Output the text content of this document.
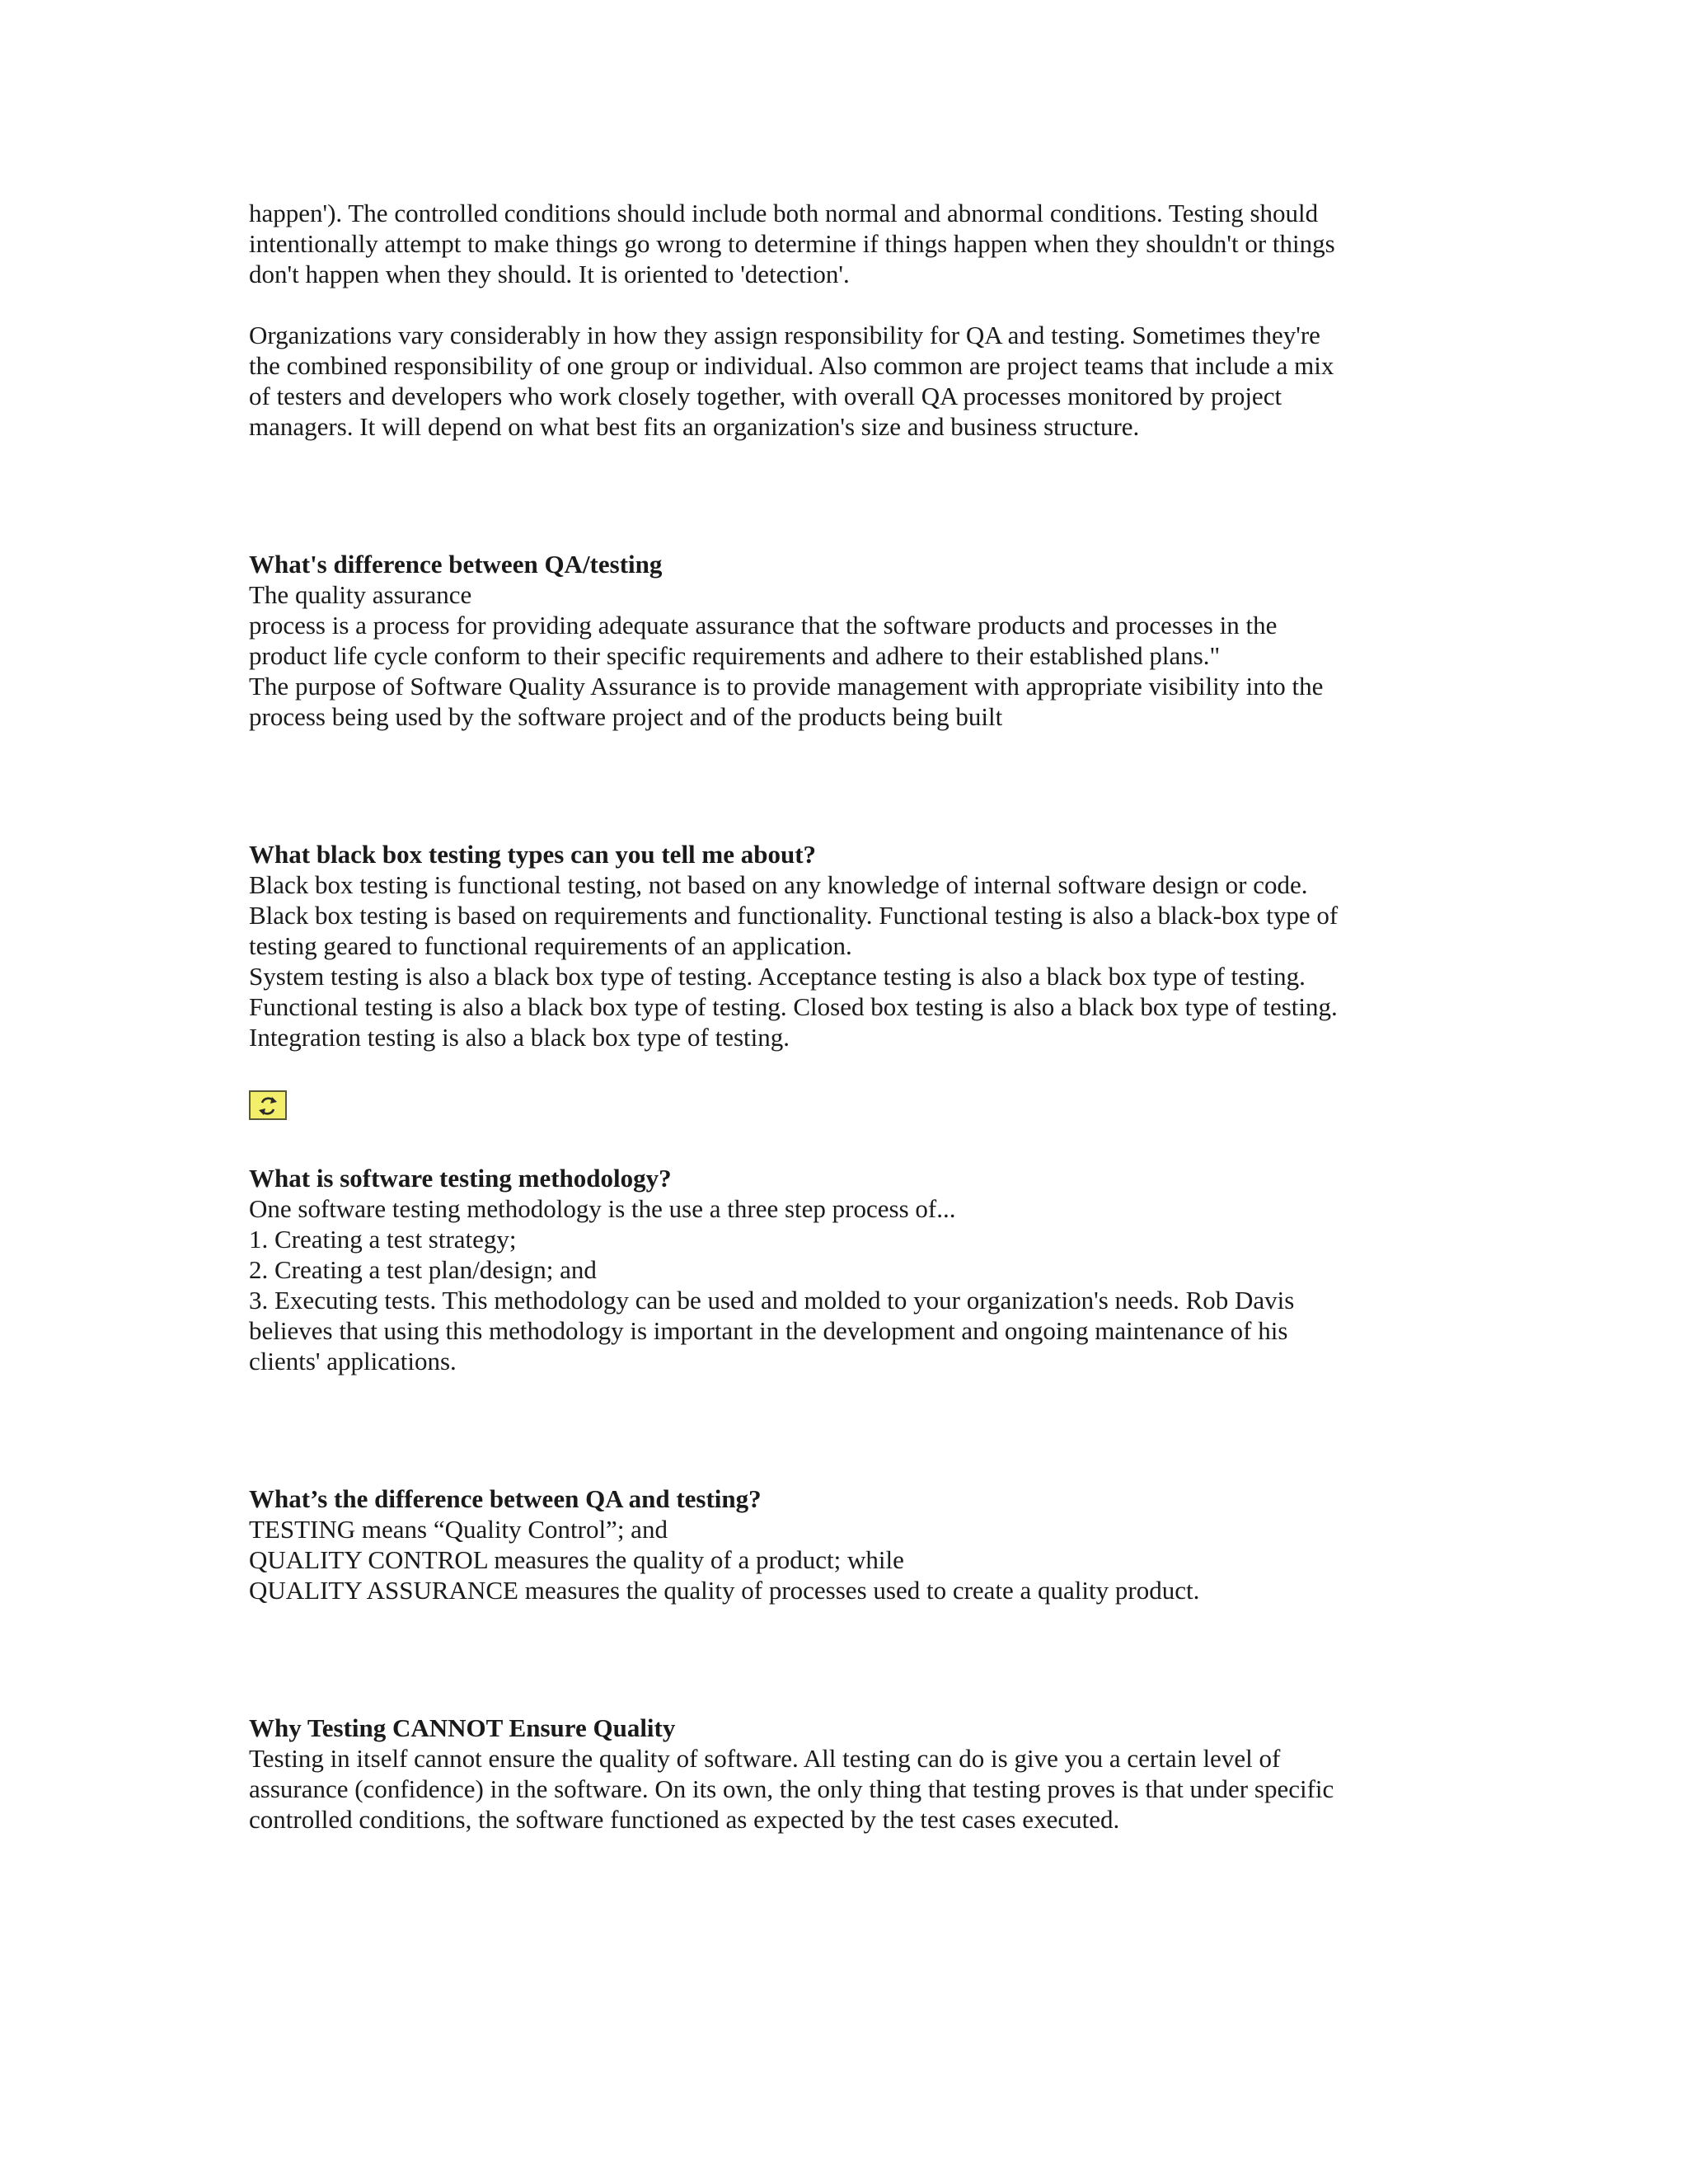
happen'). The controlled conditions should include both normal and abnormal conditions. Testing should
intentionally attempt to make things go wrong to determine if things happen when they shouldn't or things
don't happen when they should. It is oriented to 'detection'.
Organizations vary considerably in how they assign responsibility for QA and testing. Sometimes they're
the combined responsibility of one group or individual. Also common are project teams that include a mix
of testers and developers who work closely together, with overall QA processes monitored by project
managers. It will depend on what best fits an organization's size and business structure.
What's difference between QA/testing
The quality assurance
process is a process for providing adequate assurance that the software products and processes in the
product life cycle conform to their specific requirements and adhere to their established plans."
The purpose of Software Quality Assurance is to provide management with appropriate visibility into the
process being used by the software project and of the products being built
What black box testing types can you tell me about?
Black box testing is functional testing, not based on any knowledge of internal software design or code.
Black box testing is based on requirements and functionality. Functional testing is also a black-box type of
testing geared to functional requirements of an application.
System testing is also a black box type of testing. Acceptance testing is also a black box type of testing.
Functional testing is also a black box type of testing. Closed box testing is also a black box type of testing.
Integration testing is also a black box type of testing.
What is software testing methodology?
One software testing methodology is the use a three step process of...
1. Creating a test strategy;
2. Creating a test plan/design; and
3. Executing tests. This methodology can be used and molded to your organization's needs. Rob Davis
believes that using this methodology is important in the development and ongoing maintenance of his
clients' applications.
What’s the difference between QA and testing?
TESTING means “Quality Control”; and
QUALITY CONTROL measures the quality of a product; while
QUALITY ASSURANCE measures the quality of processes used to create a quality product.
Why Testing CANNOT Ensure Quality
Testing in itself cannot ensure the quality of software. All testing can do is give you a certain level of
assurance (confidence) in the software. On its own, the only thing that testing proves is that under specific
controlled conditions, the software functioned as expected by the test cases executed.
